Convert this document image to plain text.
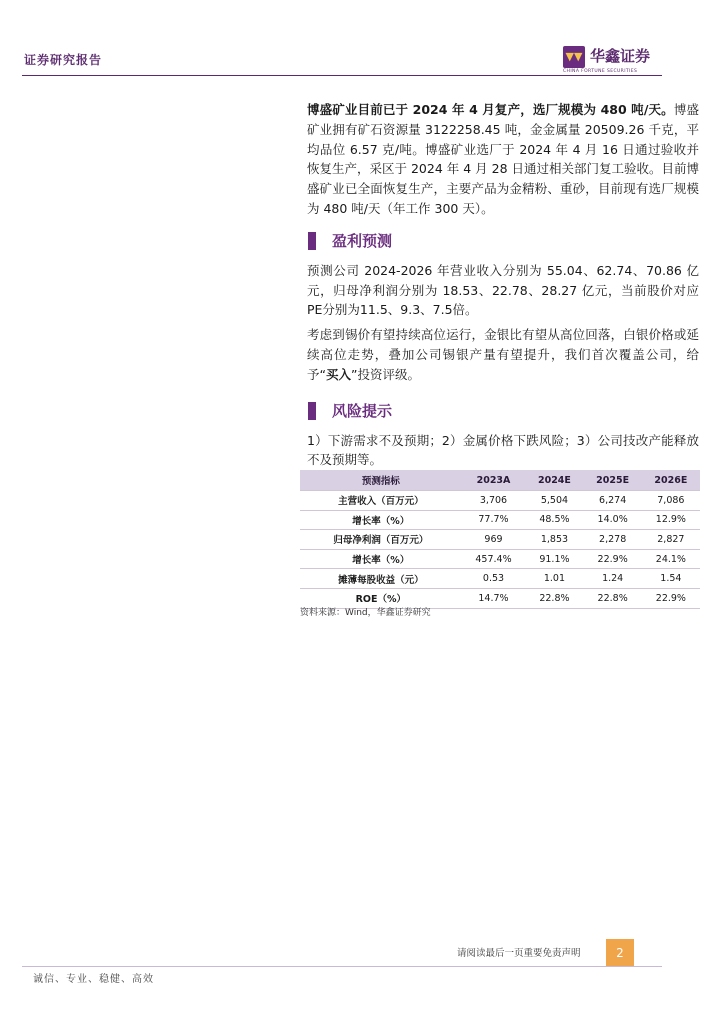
证券研究报告	▼▼ 华鑫证券
CHINA FORTUNE SECURITIES

博盛矿业目前已于 2024 年 4 月复产，选厂规模为 480 吨/天。博盛矿业拥有矿石资源量 3122258.45 吨，金金属量 20509.26 千克，平均品位 6.57 克/吨。博盛矿业选厂于 2024 年 4 月 16 日通过验收并恢复生产，采区于 2024 年 4 月 28 日通过相关部门复工验收。目前博盛矿业已全面恢复生产，主要产品为金精粉、重砂，目前现有选厂规模为 480 吨/天（年工作 300 天）。

盈利预测

预测公司 2024-2026 年营业收入分别为 55.04、62.74、70.86 亿元，归母净利润分别为 18.53、22.78、28.27 亿元，当前股价对应PE分别为11.5、9.3、7.5倍。

考虑到锡价有望持续高位运行，金银比有望从高位回落，白银价格或延续高位走势，叠加公司锡银产量有望提升，我们首次覆盖公司，给予“买入”投资评级。

风险提示

1）下游需求不及预期；2）金属价格下跌风险；3）公司技改产能释放不及预期等。

预测指标	2023A	2024E	2025E	2026E
主营收入（百万元）	3,706	5,504	6,274	7,086
增长率（%）	77.7%	48.5%	14.0%	12.9%
归母净利润（百万元）	969	1,853	2,278	2,827
增长率（%）	457.4%	91.1%	22.9%	24.1%
摊薄每股收益（元）	0.53	1.01	1.24	1.54
ROE（%）	14.7%	22.8%	22.8%	22.9%
资料来源：Wind，华鑫证券研究
请阅读最后一页重要免责声明	2
诚信、专业、稳健、高效
